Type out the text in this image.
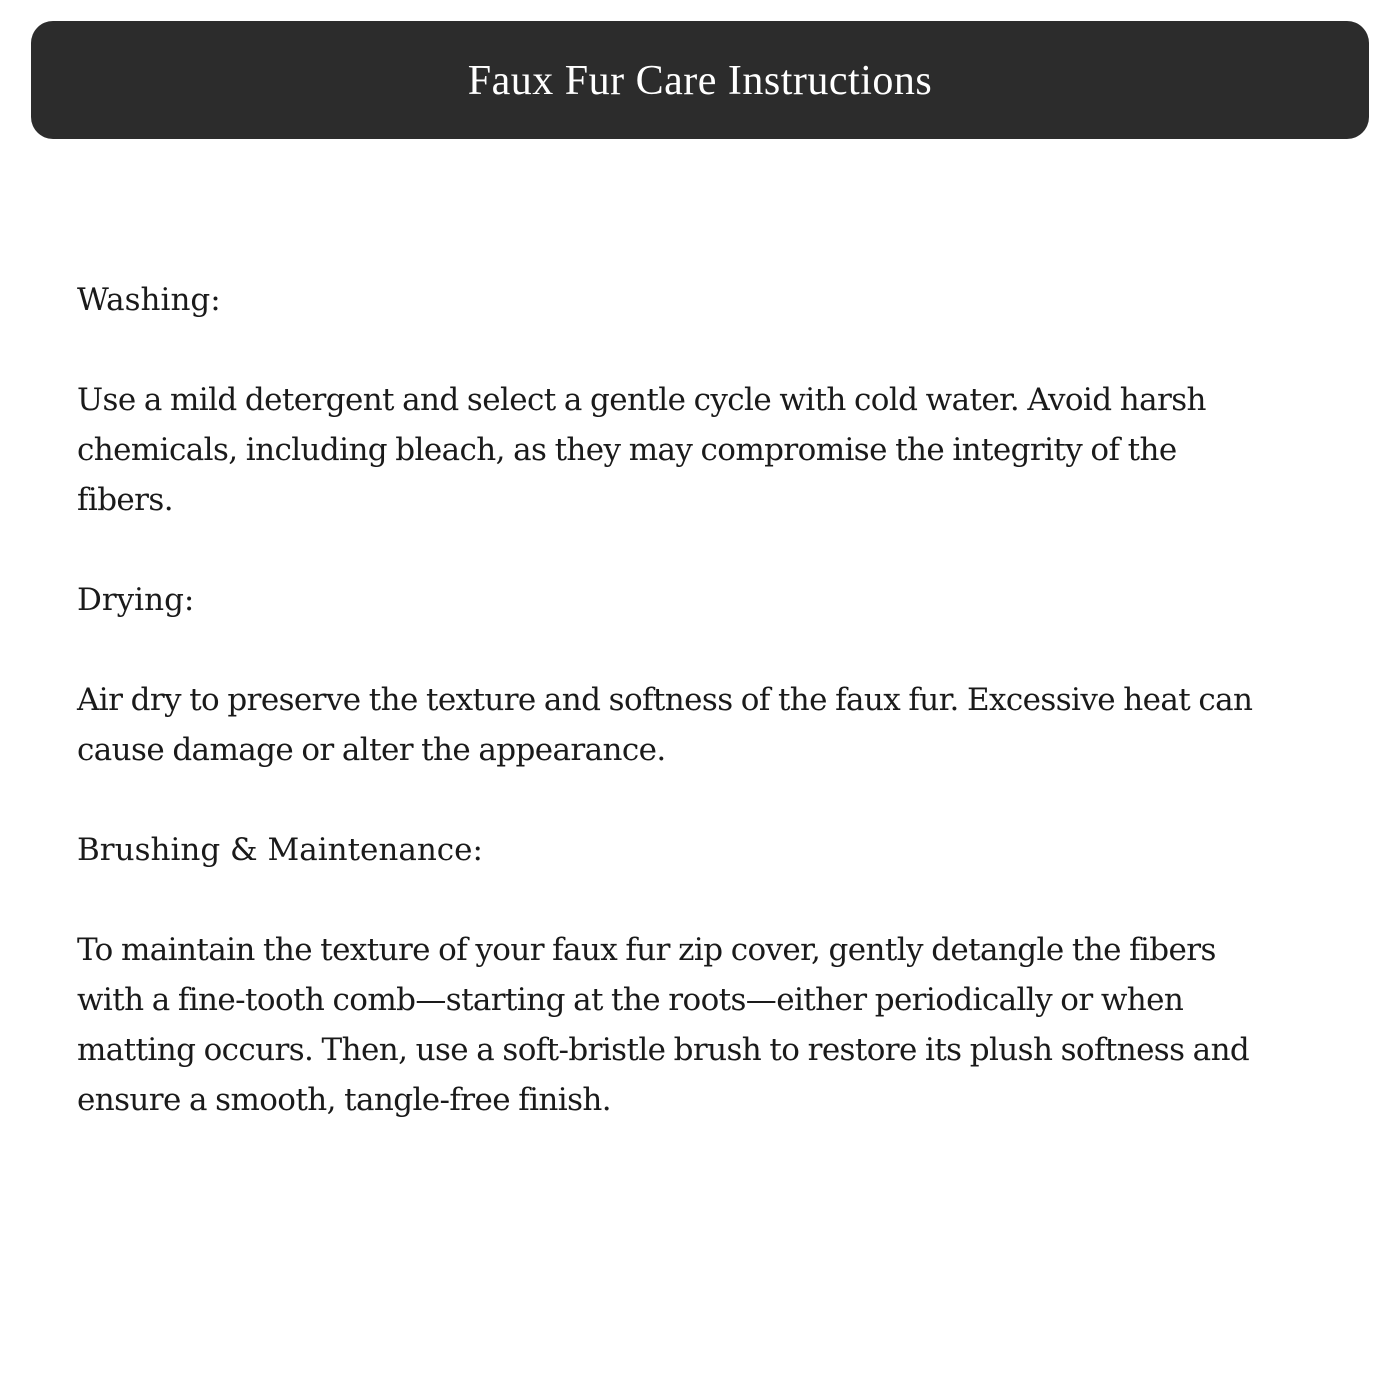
Faux Fur Care Instructions
Washing:
Use a mild detergent and select a gentle cycle with cold water. Avoid harsh chemicals, including bleach, as they may compromise the integrity of the fibers.
Drying:
Air dry to preserve the texture and softness of the faux fur. Excessive heat can cause damage or alter the appearance.
Brushing & Maintenance:
To maintain the texture of your faux fur zip cover, gently detangle the fibers with a fine-tooth comb—starting at the roots—either periodically or when matting occurs. Then, use a soft-bristle brush to restore its plush softness and ensure a smooth, tangle-free finish.
